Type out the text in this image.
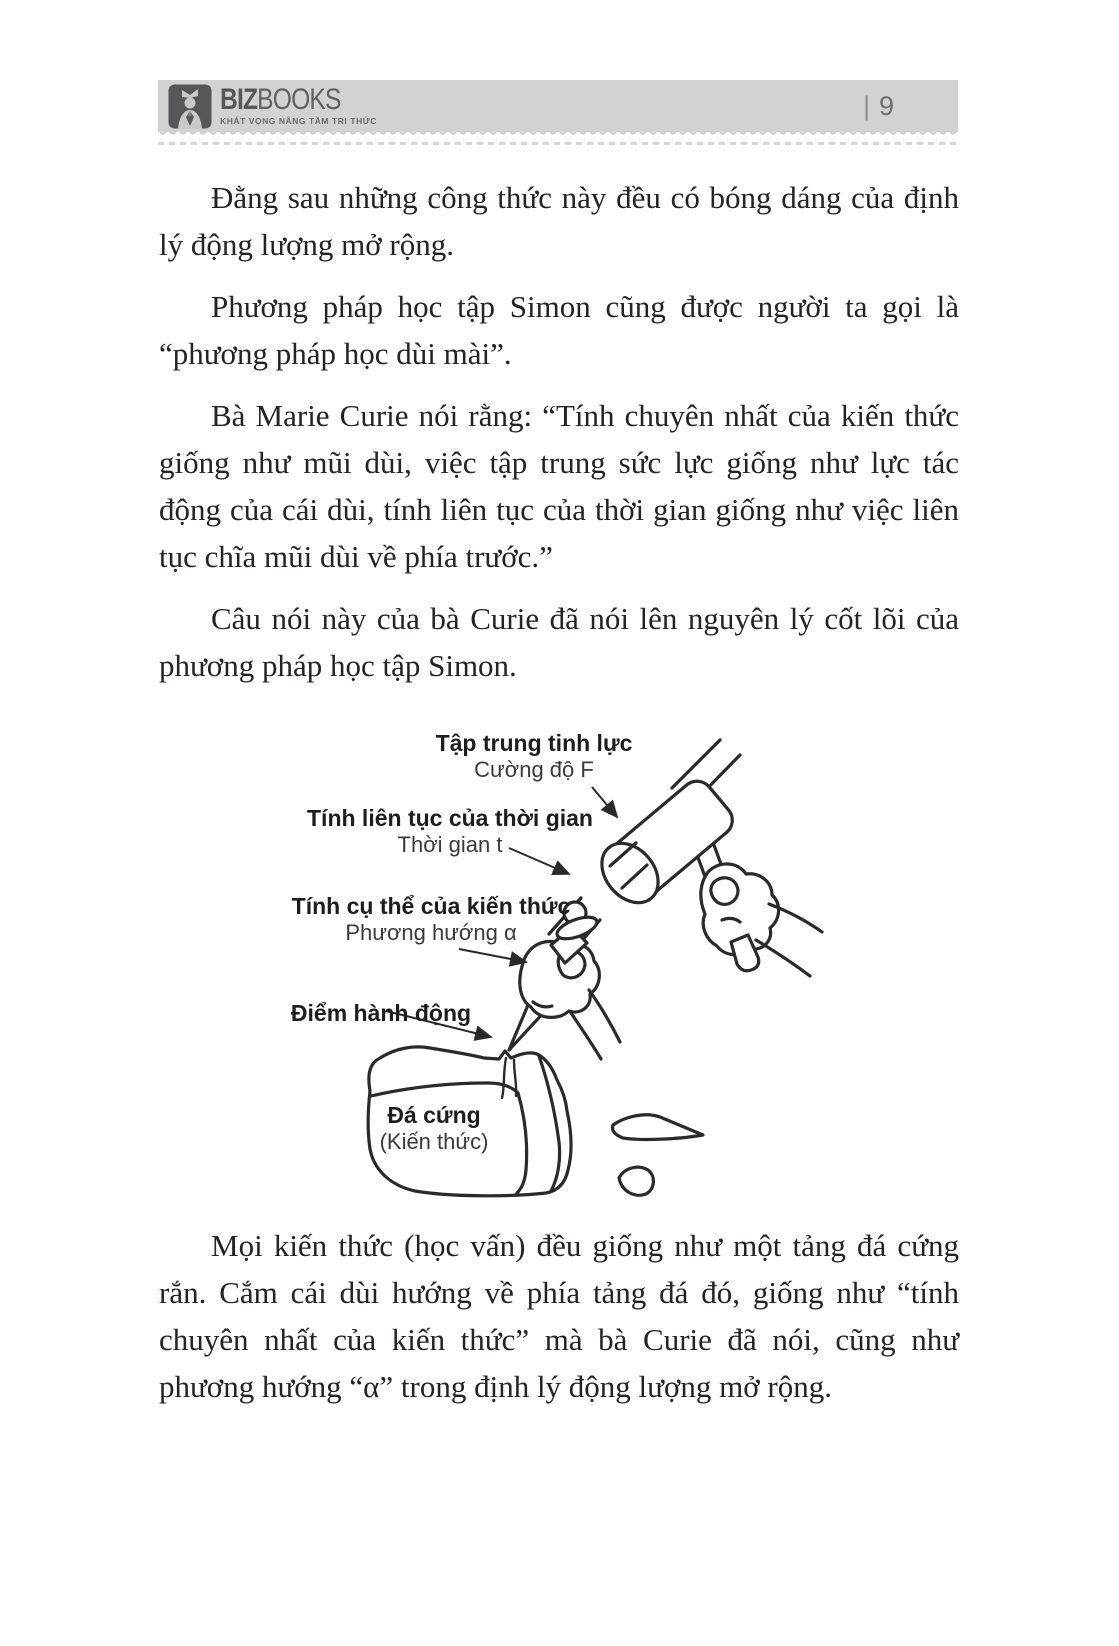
BIZBOOKS
KHÁT VỌNG NÂNG TẦM TRI THỨC
| 9

Đằng sau những công thức này đều có bóng dáng của định lý động lượng mở rộng.

Phương pháp học tập Simon cũng được người ta gọi là “phương pháp học dùi mài”.

Bà Marie Curie nói rằng: “Tính chuyên nhất của kiến thức giống như mũi dùi, việc tập trung sức lực giống như lực tác động của cái dùi, tính liên tục của thời gian giống như việc liên tục chĩa mũi dùi về phía trước.”

Câu nói này của bà Curie đã nói lên nguyên lý cốt lõi của phương pháp học tập Simon.

Tập trung tinh lực
Cường độ F
Tính liên tục của thời gian
Thời gian t
Tính cụ thể của kiến thức
Phương hướng α
Điểm hành động
Đá cứng
(Kiến thức)

Mọi kiến thức (học vấn) đều giống như một tảng đá cứng rắn. Cắm cái dùi hướng về phía tảng đá đó, giống như “tính chuyên nhất của kiến thức” mà bà Curie đã nói, cũng như phương hướng “α” trong định lý động lượng mở rộng.
